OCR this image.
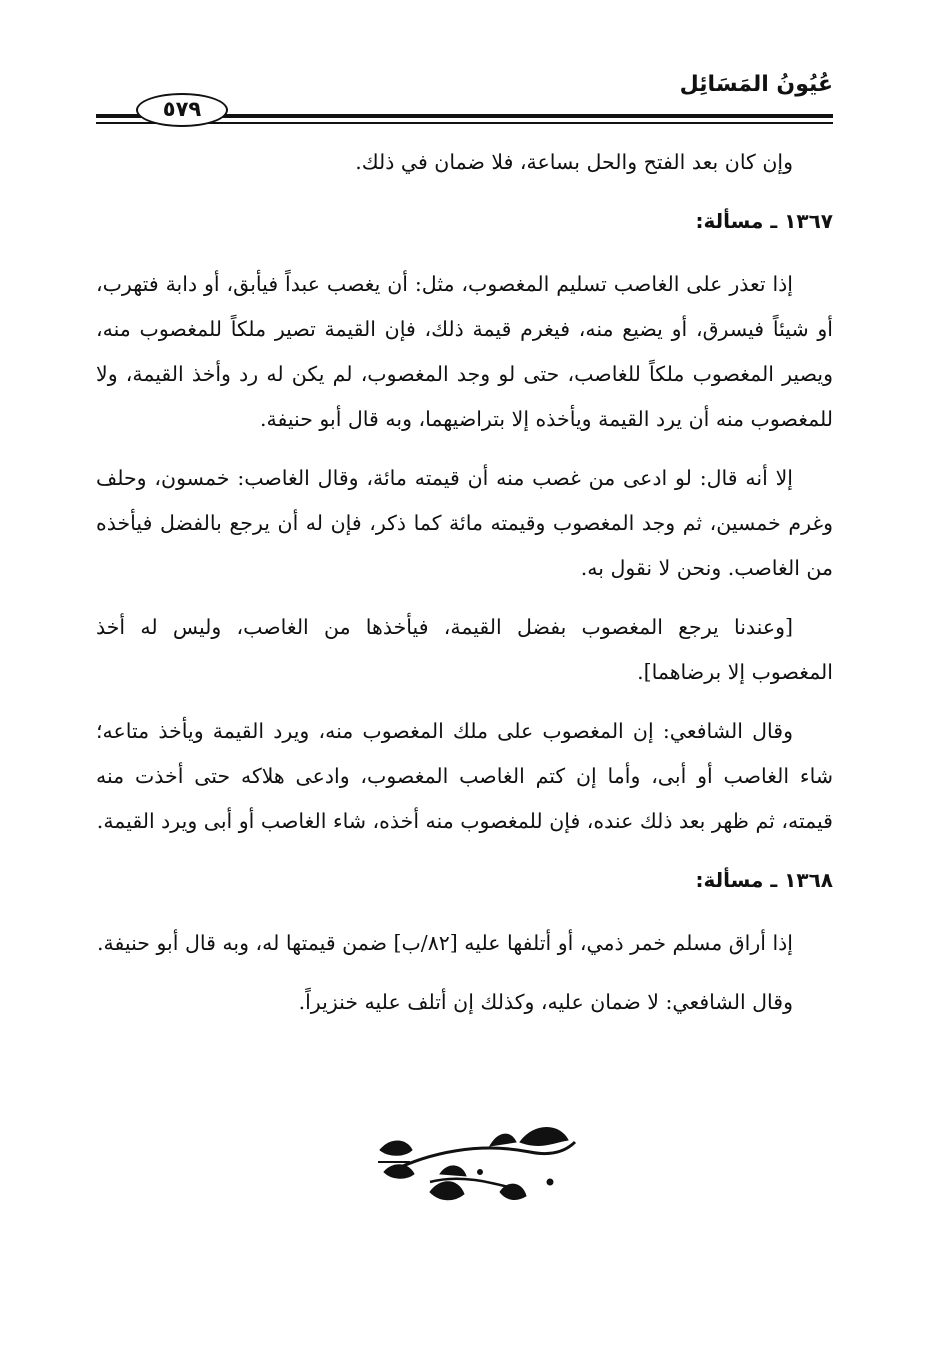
عُيُونُ المَسَائِل
٥٧٩

وإن كان بعد الفتح والحل بساعة، فلا ضمان في ذلك.

١٣٦٧ ـ مسألة:

إذا تعذر على الغاصب تسليم المغصوب، مثل: أن يغصب عبداً فيأبق، أو دابة فتهرب، أو شيئاً فيسرق، أو يضيع منه، فيغرم قيمة ذلك، فإن القيمة تصير ملكاً للمغصوب منه، ويصير المغصوب ملكاً للغاصب، حتى لو وجد المغصوب، لم يكن له رد وأخذ القيمة، ولا للمغصوب منه أن يرد القيمة ويأخذه إلا بتراضيهما، وبه قال أبو حنيفة.

إلا أنه قال: لو ادعى من غصب منه أن قيمته مائة، وقال الغاصب: خمسون، وحلف وغرم خمسين، ثم وجد المغصوب وقيمته مائة كما ذكر، فإن له أن يرجع بالفضل فيأخذه من الغاصب. ونحن لا نقول به.

[وعندنا يرجع المغصوب بفضل القيمة، فيأخذها من الغاصب، وليس له أخذ المغصوب إلا برضاهما].

وقال الشافعي: إن المغصوب على ملك المغصوب منه، ويرد القيمة ويأخذ متاعه؛ شاء الغاصب أو أبى، وأما إن كتم الغاصب المغصوب، وادعى هلاكه حتى أخذت منه قيمته، ثم ظهر بعد ذلك عنده، فإن للمغصوب منه أخذه، شاء الغاصب أو أبى ويرد القيمة.

١٣٦٨ ـ مسألة:

إذا أراق مسلم خمر ذمي، أو أتلفها عليه [٨٢/ب] ضمن قيمتها له، وبه قال أبو حنيفة.

وقال الشافعي: لا ضمان عليه، وكذلك إن أتلف عليه خنزيراً.
